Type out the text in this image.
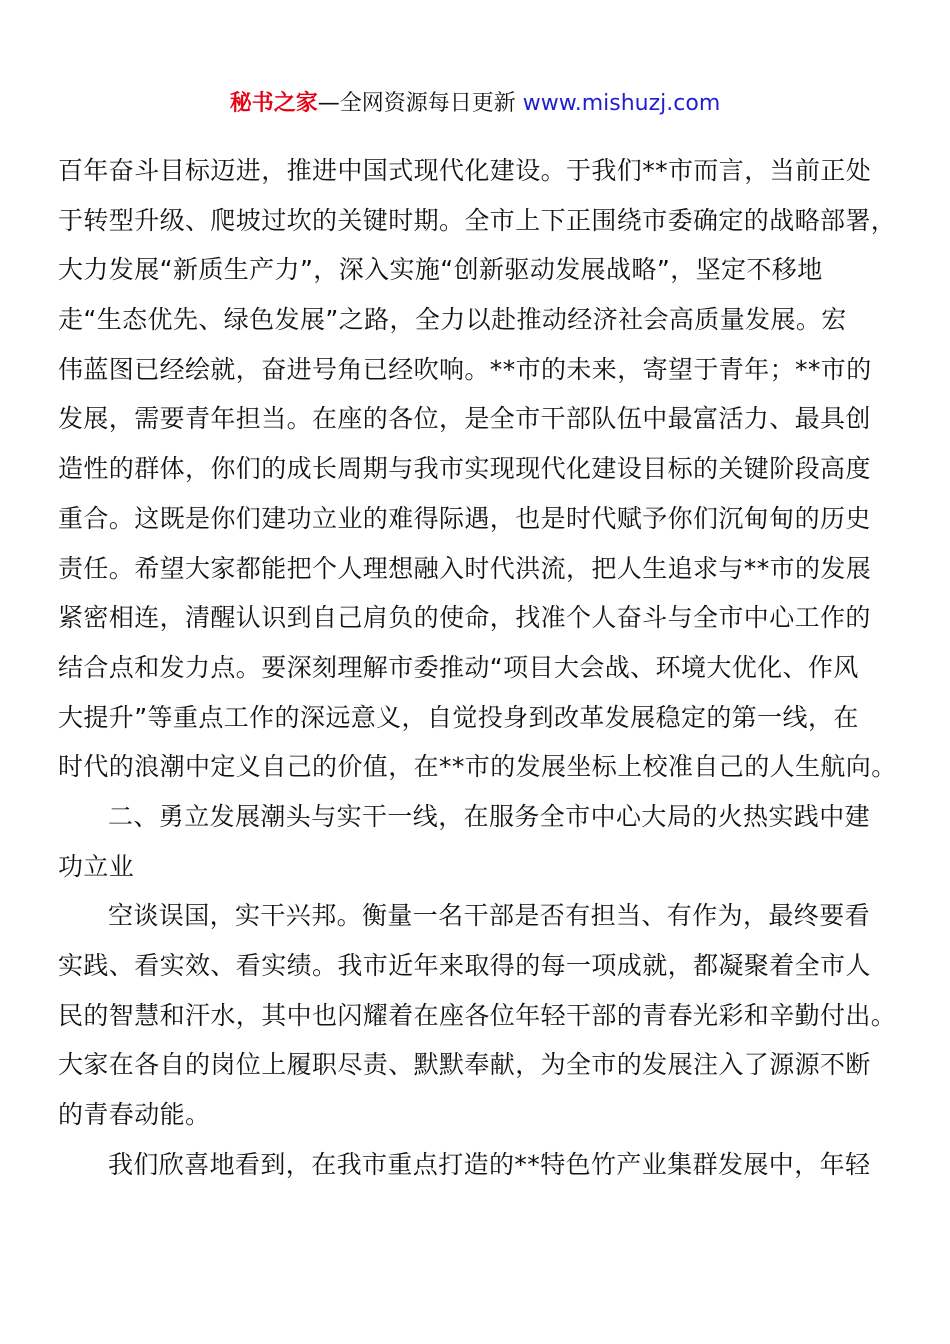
秘书之家—全网资源每日更新 www.mishuzj.com
百年奋斗目标迈进，推进中国式现代化建设。于我们**市而言，当前正处
于转型升级、爬坡过坎的关键时期。全市上下正围绕市委确定的战略部署，
大力发展“新质生产力”，深入实施“创新驱动发展战略”，坚定不移地
走“生态优先、绿色发展”之路，全力以赴推动经济社会高质量发展。宏
伟蓝图已经绘就，奋进号角已经吹响。**市的未来，寄望于青年；**市的
发展，需要青年担当。在座的各位，是全市干部队伍中最富活力、最具创
造性的群体，你们的成长周期与我市实现现代化建设目标的关键阶段高度
重合。这既是你们建功立业的难得际遇，也是时代赋予你们沉甸甸的历史
责任。希望大家都能把个人理想融入时代洪流，把人生追求与**市的发展
紧密相连，清醒认识到自己肩负的使命，找准个人奋斗与全市中心工作的
结合点和发力点。要深刻理解市委推动“项目大会战、环境大优化、作风
大提升”等重点工作的深远意义，自觉投身到改革发展稳定的第一线，在
时代的浪潮中定义自己的价值，在**市的发展坐标上校准自己的人生航向。
二、勇立发展潮头与实干一线，在服务全市中心大局的火热实践中建
功立业
空谈误国，实干兴邦。衡量一名干部是否有担当、有作为，最终要看
实践、看实效、看实绩。我市近年来取得的每一项成就，都凝聚着全市人
民的智慧和汗水，其中也闪耀着在座各位年轻干部的青春光彩和辛勤付出。
大家在各自的岗位上履职尽责、默默奉献，为全市的发展注入了源源不断
的青春动能。
我们欣喜地看到，在我市重点打造的**特色竹产业集群发展中，年轻
